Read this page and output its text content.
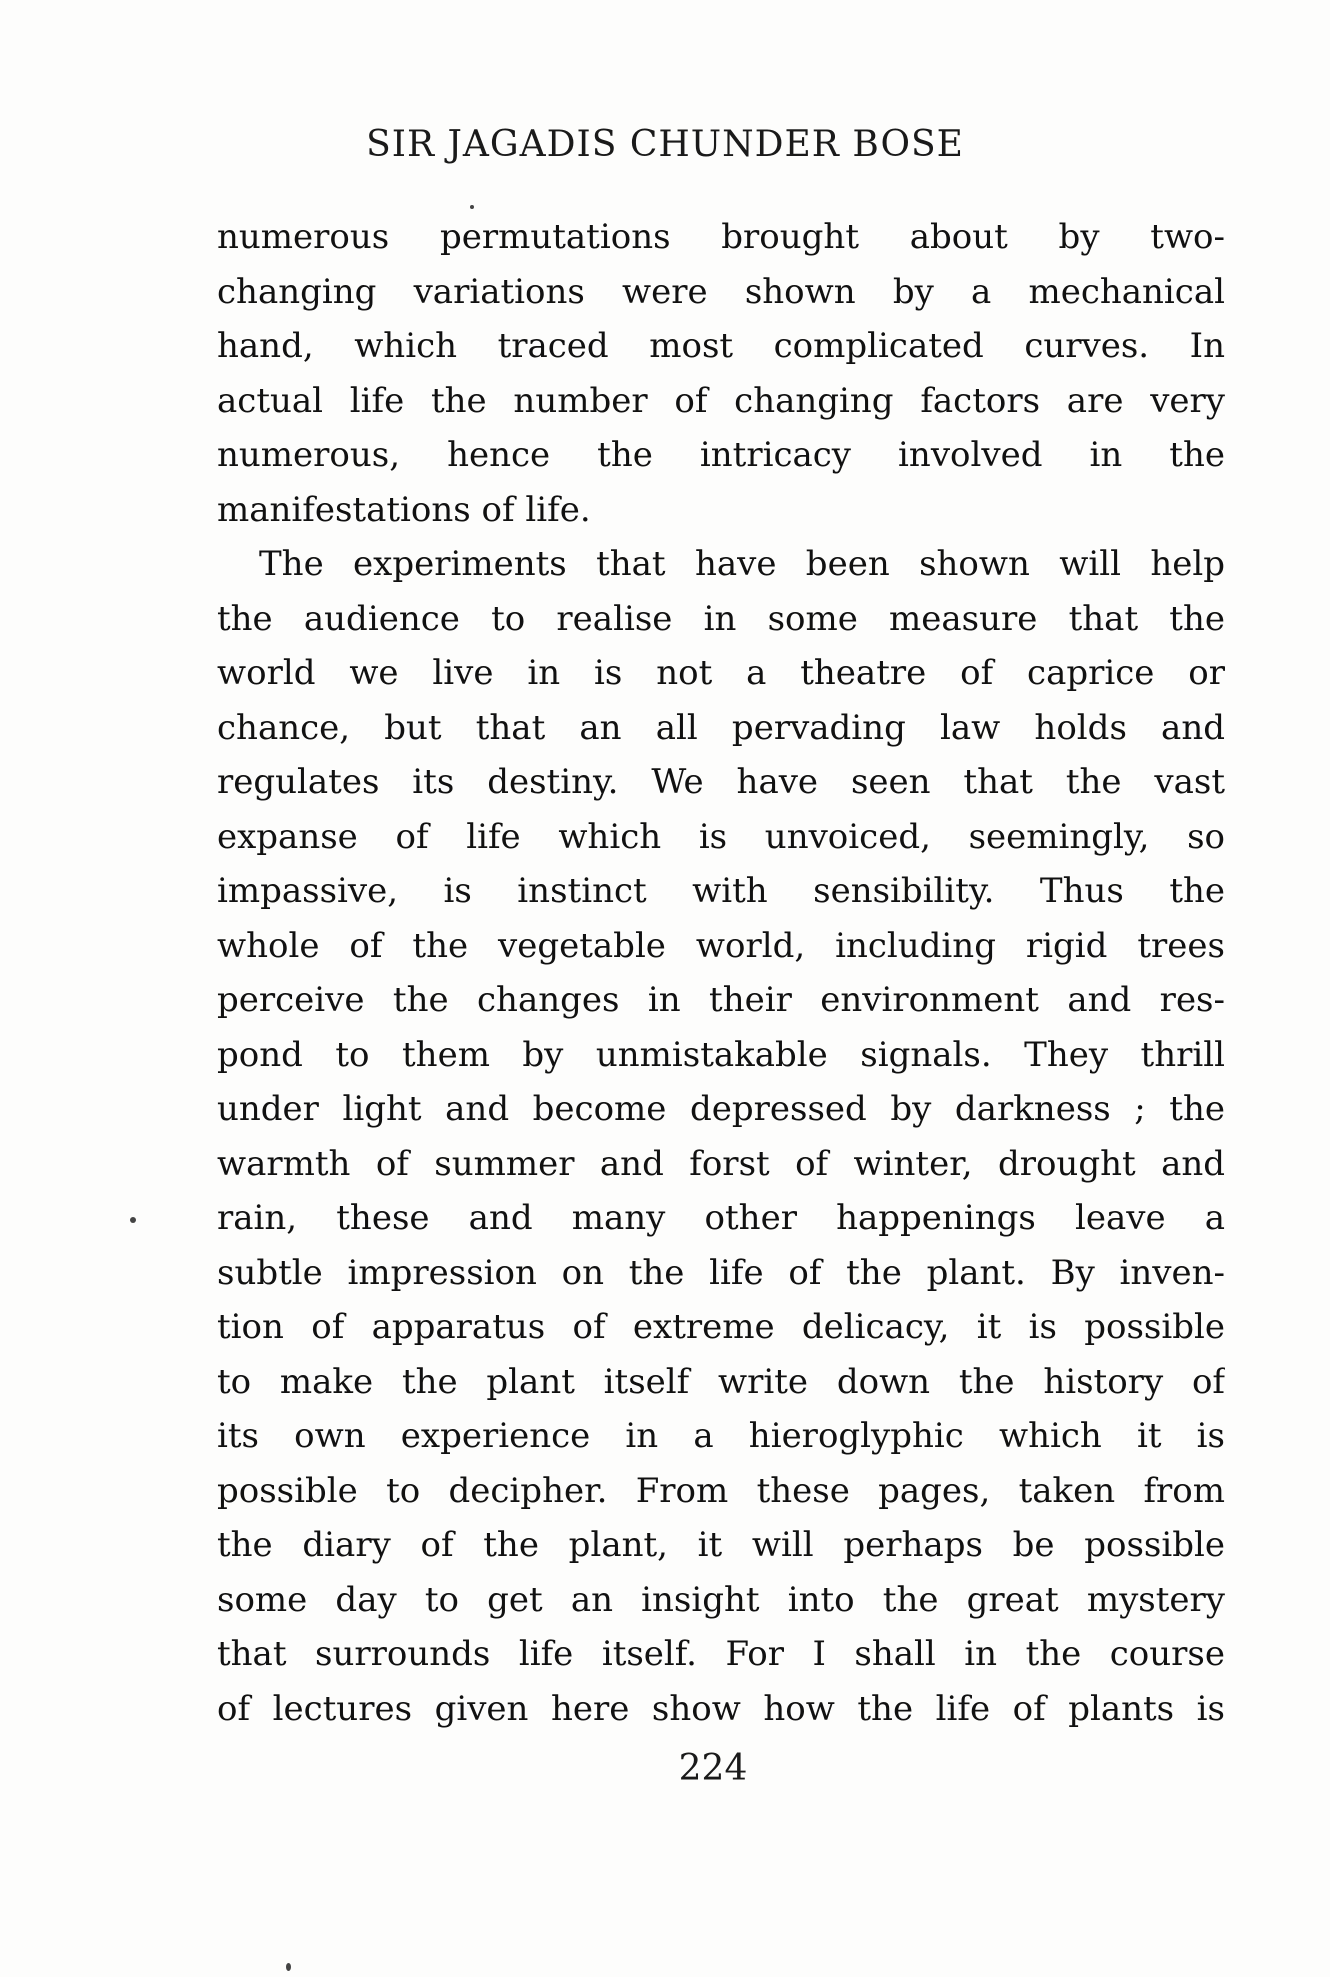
SIR JAGADIS CHUNDER BOSE
numerous permutations brought about by two-
changing variations were shown by a mechanical
hand, which traced most complicated curves. In
actual life the number of changing factors are very
numerous, hence the intricacy involved in the
manifestations of life.
The experiments that have been shown will help
the audience to realise in some measure that the
world we live in is not a theatre of caprice or
chance, but that an all pervading law holds and
regulates its destiny. We have seen that the vast
expanse of life which is unvoiced, seemingly, so
impassive, is instinct with sensibility. Thus the
whole of the vegetable world, including rigid trees
perceive the changes in their environment and res-
pond to them by unmistakable signals. They thrill
under light and become depressed by darkness ; the
warmth of summer and forst of winter, drought and
rain, these and many other happenings leave a
subtle impression on the life of the plant. By inven-
tion of apparatus of extreme delicacy, it is possible
to make the plant itself write down the history of
its own experience in a hieroglyphic which it is
possible to decipher. From these pages, taken from
the diary of the plant, it will perhaps be possible
some day to get an insight into the great mystery
that surrounds life itself. For I shall in the course
of lectures given here show how the life of plants is
224
